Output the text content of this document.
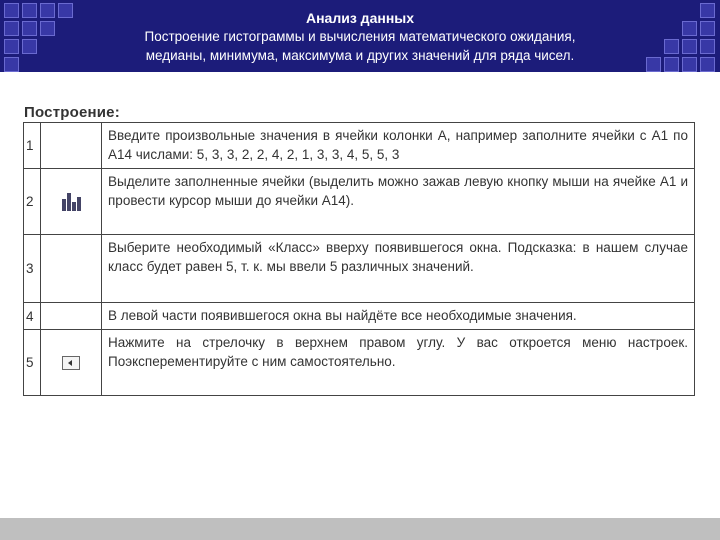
Анализ данных
Построение гистограммы и вычисления математического ожидания,
медианы, минимума, максимума и других значений для ряда чисел.
Построение:
1		Введите произвольные значения в ячейки колонки А, например заполните ячейки с А1 по А14 числами: 5, 3, 3, 2, 2, 4, 2, 1, 3, 3, 4, 5, 5, 3
2		Выделите заполненные ячейки (выделить можно зажав левую кнопку мыши на ячейке А1 и провести курсор мыши до ячейки А14).
3		Выберите необходимый «Класс» вверху появившегося окна. Подсказка: в нашем случае класс будет равен 5, т. к. мы ввели 5 различных значений.
4		В левой части появившегося окна вы найдёте все необходимые значения.
5		Нажмите на стрелочку в верхнем правом углу. У вас откроется меню настроек. Поэксперементируйте с ним самостоятельно.
